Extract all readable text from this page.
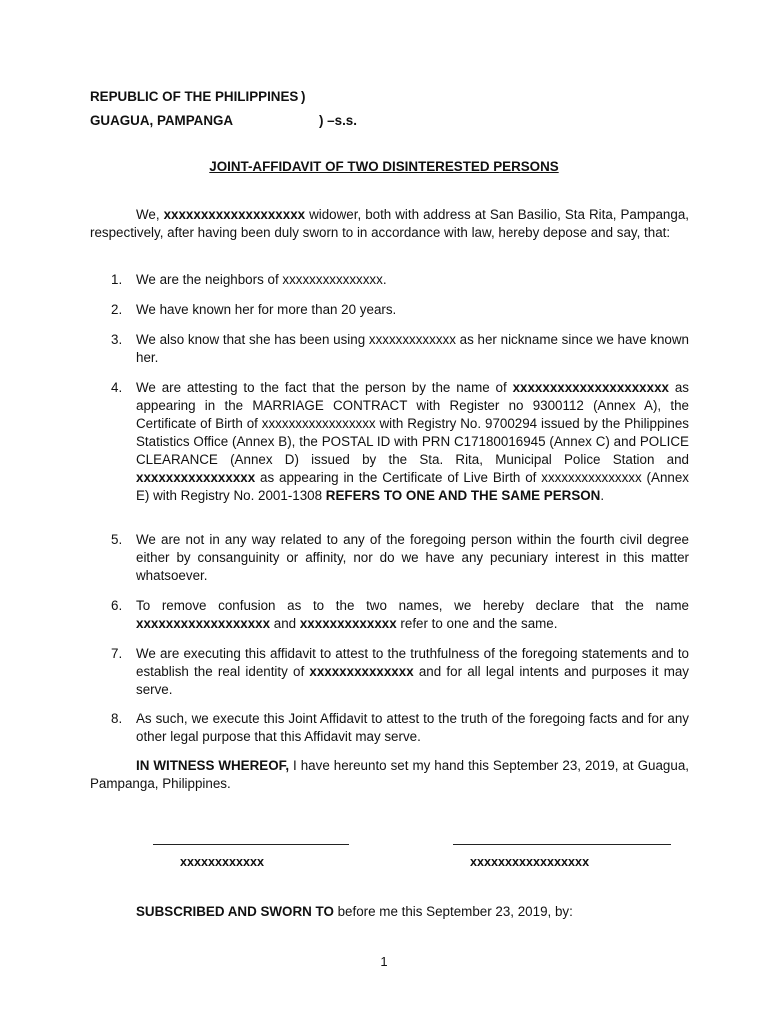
REPUBLIC OF THE PHILIPPINES )
GUAGUA, PAMPANGA	) –s.s.
JOINT-AFFIDAVIT OF TWO DISINTERESTED PERSONS

We, xxxxxxxxxxxxxxxxxxx widower, both with address at San Basilio, Sta Rita, Pampanga, respectively, after having been duly sworn to in accordance with law, hereby depose and say, that:

1. We are the neighbors of xxxxxxxxxxxxxxx.
2. We have known her for more than 20 years.
3. We also know that she has been using xxxxxxxxxxxxx as her nickname since we have known her.
4. We are attesting to the fact that the person by the name of xxxxxxxxxxxxxxxxxxxxx as appearing in the MARRIAGE CONTRACT with Register no 9300112 (Annex A), the Certificate of Birth of xxxxxxxxxxxxxxxxx with Registry No. 9700294 issued by the Philippines Statistics Office (Annex B), the POSTAL ID with PRN C17180016945 (Annex C) and POLICE CLEARANCE (Annex D) issued by the Sta. Rita, Municipal Police Station and xxxxxxxxxxxxxxxx as appearing in the Certificate of Live Birth of xxxxxxxxxxxxxxx (Annex E) with Registry No. 2001-1308 REFERS TO ONE AND THE SAME PERSON.
5. We are not in any way related to any of the foregoing person within the fourth civil degree either by consanguinity or affinity, nor do we have any pecuniary interest in this matter whatsoever.
6. To remove confusion as to the two names, we hereby declare that the name xxxxxxxxxxxxxxxxxx and xxxxxxxxxxxxx refer to one and the same.
7. We are executing this affidavit to attest to the truthfulness of the foregoing statements and to establish the real identity of xxxxxxxxxxxxxx and for all legal intents and purposes it may serve.
8. As such, we execute this Joint Affidavit to attest to the truth of the foregoing facts and for any other legal purpose that this Affidavit may serve.

IN WITNESS WHEREOF, I have hereunto set my hand this September 23, 2019, at Guagua, Pampanga, Philippines.

xxxxxxxxxxxx	xxxxxxxxxxxxxxxxx
SUBSCRIBED AND SWORN TO before me this September 23, 2019, by:
1
